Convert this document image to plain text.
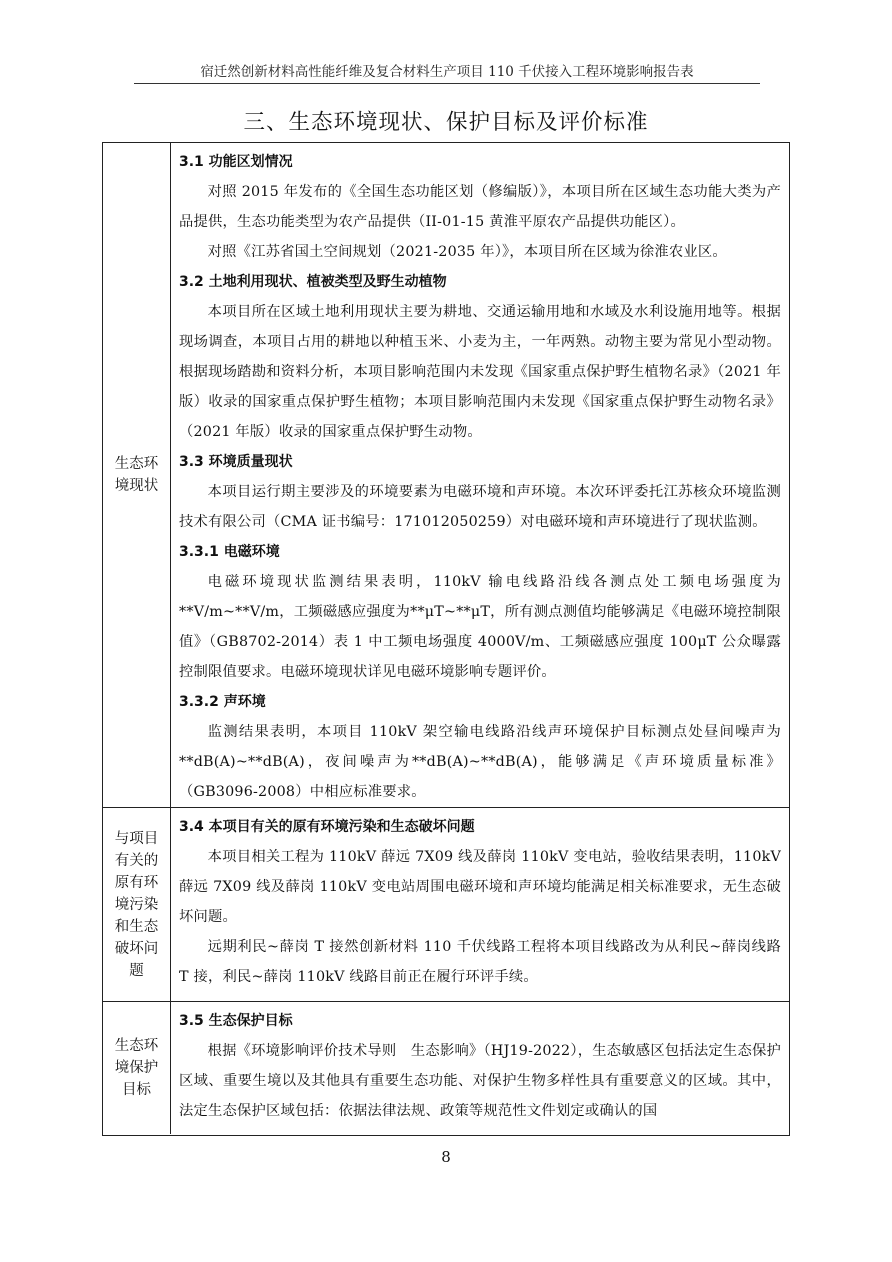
宿迁然创新材料高性能纤维及复合材料生产项目 110 千伏接入工程环境影响报告表
三、生态环境现状、保护目标及评价标准
生态环境现状

3.1 功能区划情况

对照 2015 年发布的《全国生态功能区划（修编版）》，本项目所在区域生态功能大类为产品提供，生态功能类型为农产品提供（II-01-15 黄淮平原农产品提供功能区）。

对照《江苏省国土空间规划（2021-2035 年）》，本项目所在区域为徐淮农业区。

3.2 土地利用现状、植被类型及野生动植物

本项目所在区域土地利用现状主要为耕地、交通运输用地和水域及水利设施用地等。根据现场调查，本项目占用的耕地以种植玉米、小麦为主，一年两熟。动物主要为常见小型动物。根据现场踏勘和资料分析，本项目影响范围内未发现《国家重点保护野生植物名录》（2021 年版）收录的国家重点保护野生植物；本项目影响范围内未发现《国家重点保护野生动物名录》（2021 年版）收录的国家重点保护野生动物。

3.3 环境质量现状

本项目运行期主要涉及的环境要素为电磁环境和声环境。本次环评委托江苏核众环境监测技术有限公司（CMA 证书编号：171012050259）对电磁环境和声环境进行了现状监测。

3.3.1 电磁环境

电磁环境现状监测结果表明，110kV 输电线路沿线各测点处工频电场强度为**V/m~**V/m，工频磁感应强度为**μT~**μT，所有测点测值均能够满足《电磁环境控制限值》（GB8702-2014）表 1 中工频电场强度 4000V/m、工频磁感应强度 100μT 公众曝露控制限值要求。电磁环境现状详见电磁环境影响专题评价。

3.3.2 声环境

监测结果表明，本项目 110kV 架空输电线路沿线声环境保护目标测点处昼间噪声为**dB(A)~**dB(A)，夜间噪声为**dB(A)~**dB(A)，能够满足《声环境质量标准》（GB3096-2008）中相应标准要求。

与项目有关的原有环境污染和生态破坏问题

3.4 本项目有关的原有环境污染和生态破坏问题

本项目相关工程为 110kV 薛远 7X09 线及薛岗 110kV 变电站，验收结果表明，110kV 薛远 7X09 线及薛岗 110kV 变电站周围电磁环境和声环境均能满足相关标准要求，无生态破坏问题。

远期利民~薛岗 T 接然创新材料 110 千伏线路工程将本项目线路改为从利民~薛岗线路 T 接，利民~薛岗 110kV 线路目前正在履行环评手续。

生态环境保护目标

3.5 生态保护目标

根据《环境影响评价技术导则　生态影响》（HJ19-2022），生态敏感区包括法定生态保护区域、重要生境以及其他具有重要生态功能、对保护生物多样性具有重要意义的区域。其中，法定生态保护区域包括：依据法律法规、政策等规范性文件划定或确认的国

8
